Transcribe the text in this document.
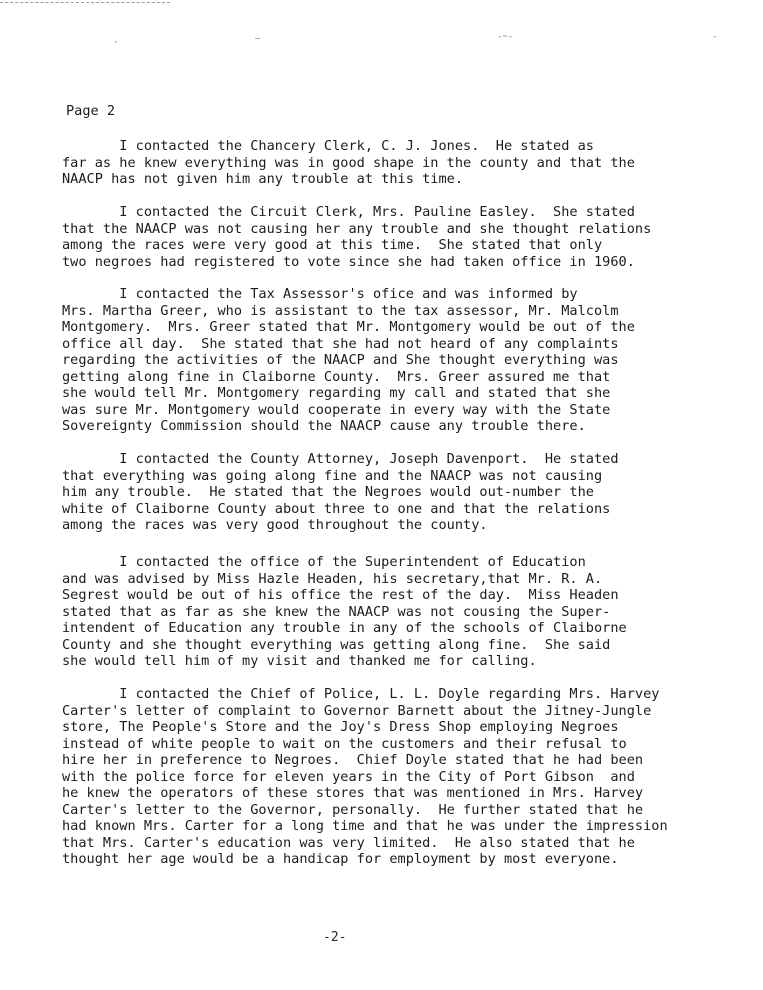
·	—	-~-	-
Page 2
I contacted the Chancery Clerk, C. J. Jones.  He stated as
far as he knew everything was in good shape in the county and that the
NAACP has not given him any trouble at this time.
I contacted the Circuit Clerk, Mrs. Pauline Easley.  She stated
that the NAACP was not causing her any trouble and she thought relations
among the races were very good at this time.  She stated that only
two negroes had registered to vote since she had taken office in 1960.
I contacted the Tax Assessor's ofice and was informed by
Mrs. Martha Greer, who is assistant to the tax assessor, Mr. Malcolm
Montgomery.  Mrs. Greer stated that Mr. Montgomery would be out of the
office all day.  She stated that she had not heard of any complaints
regarding the activities of the NAACP and She thought everything was
getting along fine in Claiborne County.  Mrs. Greer assured me that
she would tell Mr. Montgomery regarding my call and stated that she
was sure Mr. Montgomery would cooperate in every way with the State
Sovereignty Commission should the NAACP cause any trouble there.
I contacted the County Attorney, Joseph Davenport.  He stated
that everything was going along fine and the NAACP was not causing
him any trouble.  He stated that the Negroes would out-number the
white of Claiborne County about three to one and that the relations
among the races was very good throughout the county.
I contacted the office of the Superintendent of Education
and was advised by Miss Hazle Headen, his secretary,that Mr. R. A.
Segrest would be out of his office the rest of the day.  Miss Headen
stated that as far as she knew the NAACP was not cousing the Super-
intendent of Education any trouble in any of the schools of Claiborne
County and she thought everything was getting along fine.  She said
she would tell him of my visit and thanked me for calling.
I contacted the Chief of Police, L. L. Doyle regarding Mrs. Harvey
Carter's letter of complaint to Governor Barnett about the Jitney-Jungle
store, The People's Store and the Joy's Dress Shop employing Negroes
instead of white people to wait on the customers and their refusal to
hire her in preference to Negroes.  Chief Doyle stated that he had been
with the police force for eleven years in the City of Port Gibson  and
he knew the operators of these stores that was mentioned in Mrs. Harvey
Carter's letter to the Governor, personally.  He further stated that he
had known Mrs. Carter for a long time and that he was under the impression
that Mrs. Carter's education was very limited.  He also stated that he
thought her age would be a handicap for employment by most everyone.
-2-
